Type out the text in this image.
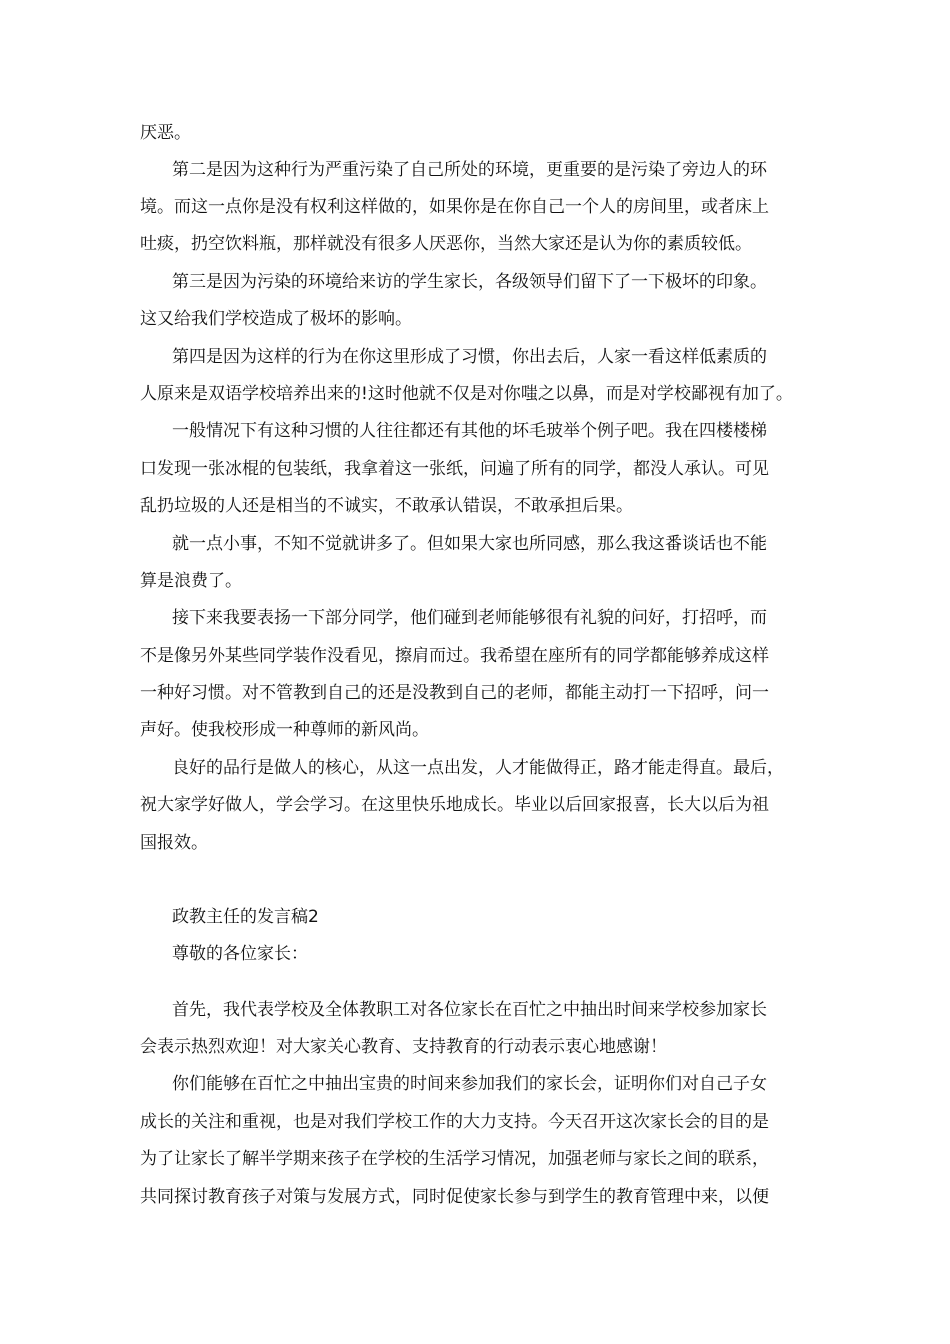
厌恶。

第二是因为这种行为严重污染了自己所处的环境，更重要的是污染了旁边人的环

境。而这一点你是没有权利这样做的，如果你是在你自己一个人的房间里，或者床上

吐痰，扔空饮料瓶，那样就没有很多人厌恶你，当然大家还是认为你的素质较低。

第三是因为污染的环境给来访的学生家长，各级领导们留下了一下极坏的印象。

这又给我们学校造成了极坏的影响。

第四是因为这样的行为在你这里形成了习惯，你出去后，人家一看这样低素质的

人原来是双语学校培养出来的!这时他就不仅是对你嗤之以鼻，而是对学校鄙视有加了。

一般情况下有这种习惯的人往往都还有其他的坏毛玻举个例子吧。我在四楼楼梯

口发现一张冰棍的包装纸，我拿着这一张纸，问遍了所有的同学，都没人承认。可见

乱扔垃圾的人还是相当的不诚实，不敢承认错误，不敢承担后果。

就一点小事，不知不觉就讲多了。但如果大家也所同感，那么我这番谈话也不能

算是浪费了。

接下来我要表扬一下部分同学，他们碰到老师能够很有礼貌的问好，打招呼，而

不是像另外某些同学装作没看见，擦肩而过。我希望在座所有的同学都能够养成这样

一种好习惯。对不管教到自己的还是没教到自己的老师，都能主动打一下招呼，问一

声好。使我校形成一种尊师的新风尚。

良好的品行是做人的核心，从这一点出发，人才能做得正，路才能走得直。最后，

祝大家学好做人，学会学习。在这里快乐地成长。毕业以后回家报喜，长大以后为祖

国报效。

政教主任的发言稿2

尊敬的各位家长：

首先，我代表学校及全体教职工对各位家长在百忙之中抽出时间来学校参加家长

会表示热烈欢迎！对大家关心教育、支持教育的行动表示衷心地感谢！

你们能够在百忙之中抽出宝贵的时间来参加我们的家长会，证明你们对自己子女

成长的关注和重视，也是对我们学校工作的大力支持。今天召开这次家长会的目的是

为了让家长了解半学期来孩子在学校的生活学习情况，加强老师与家长之间的联系，

共同探讨教育孩子对策与发展方式，同时促使家长参与到学生的教育管理中来，以便
